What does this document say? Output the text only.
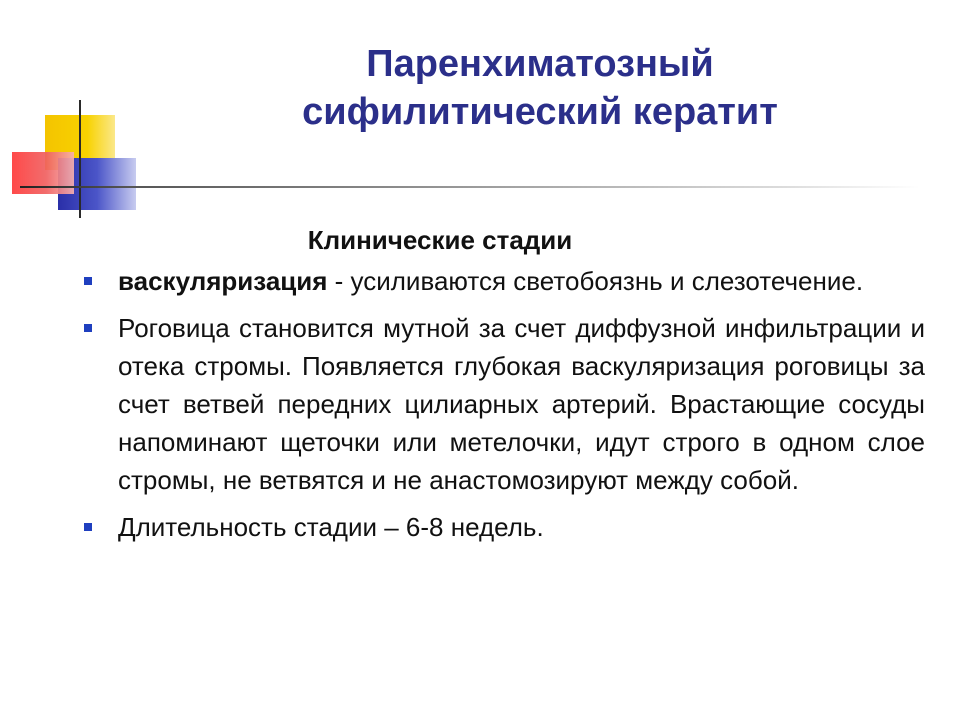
Паренхиматозный
сифилитический кератит
Клинические стадии
васкуляризация - усиливаются светобоязнь и слезотечение.
Роговица становится мутной за счет диффузной инфильтрации и отека стромы. Появляется глубокая васкуляризация роговицы за счет ветвей передних цилиарных артерий. Врастающие сосуды напоминают щеточки или метелочки, идут строго в одном слое стромы, не ветвятся и не анастомозируют между собой.
Длительность стадии – 6-8 недель.
